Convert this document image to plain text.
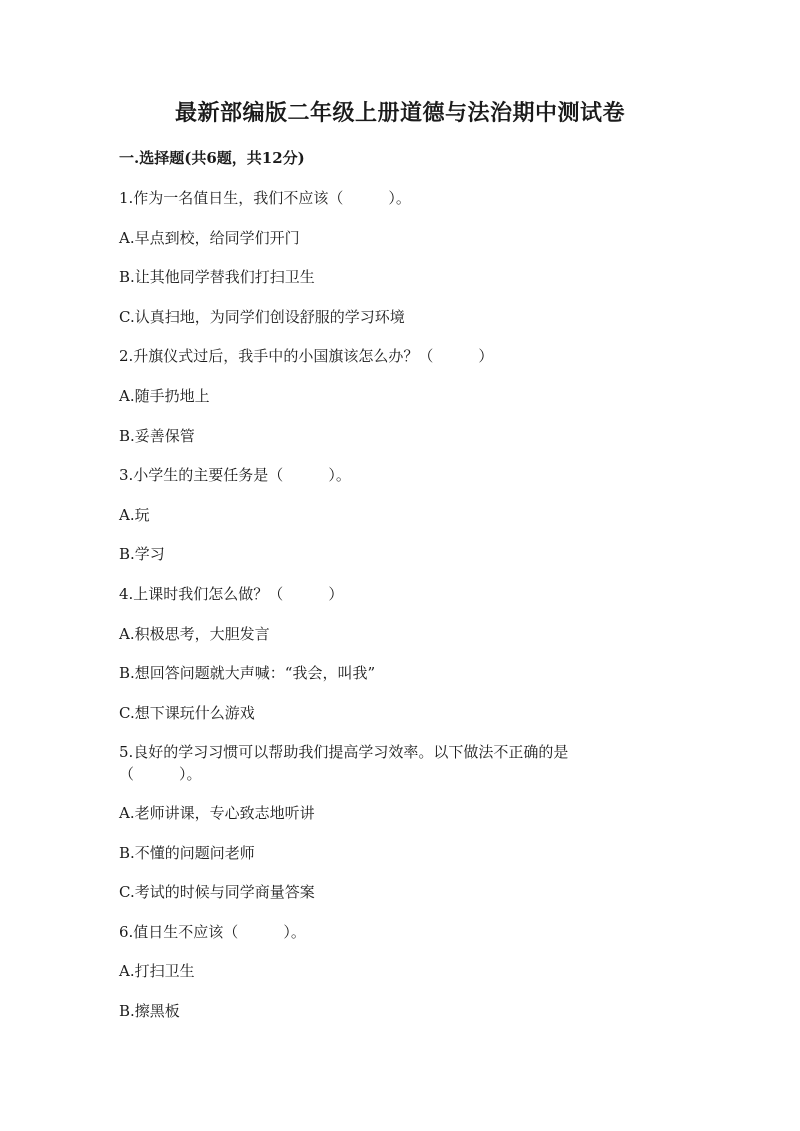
最新部编版二年级上册道德与法治期中测试卷
一.选择题(共6题，共12分)
1.作为一名值日生，我们不应该（　　　）。
A.早点到校，给同学们开门
B.让其他同学替我们打扫卫生
C.认真扫地，为同学们创设舒服的学习环境
2.升旗仪式过后，我手中的小国旗该怎么办？（　　　）
A.随手扔地上
B.妥善保管
3.小学生的主要任务是（　　　）。
A.玩
B.学习
4.上课时我们怎么做？（　　　）
A.积极思考，大胆发言
B.想回答问题就大声喊：“我会，叫我”
C.想下课玩什么游戏
5.良好的学习习惯可以帮助我们提高学习效率。以下做法不正确的是（　　　）。
A.老师讲课，专心致志地听讲
B.不懂的问题问老师
C.考试的时候与同学商量答案
6.值日生不应该（　　　）。
A.打扫卫生
B.擦黑板
